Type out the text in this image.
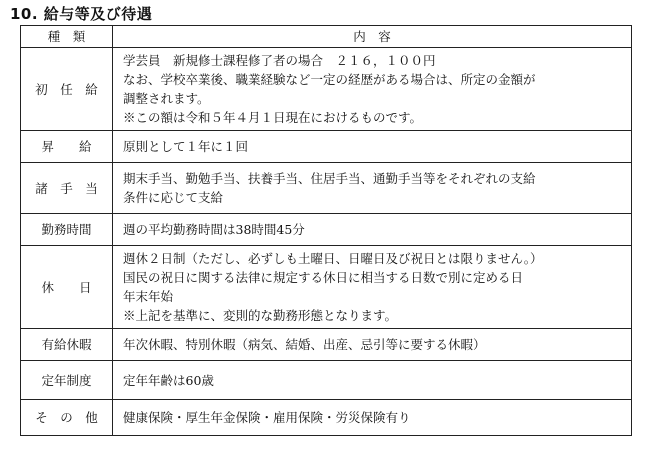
10. 給与等及び待遇
種　類	内　容
初　任　給	学芸員　新規修士課程修了者の場合　２１６，１００円
なお、学校卒業後、職業経験など一定の経歴がある場合は、所定の金額が
調整されます。
※この額は令和５年４月１日現在におけるものです。

昇　　給	原則として１年に１回

諸　手　当	期末手当、勤勉手当、扶養手当、住居手当、通勤手当等をそれぞれの支給
条件に応じて支給

勤務時間	週の平均勤務時間は38時間45分

休　　日	週休２日制（ただし、必ずしも土曜日、日曜日及び祝日とは限りません。）
国民の祝日に関する法律に規定する休日に相当する日数で別に定める日
年末年始
※上記を基準に、変則的な勤務形態となります。

有給休暇	年次休暇、特別休暇（病気、結婚、出産、忌引等に要する休暇）

定年制度	定年年齢は60歳

そ　の　他	健康保険・厚生年金保険・雇用保険・労災保険有り
